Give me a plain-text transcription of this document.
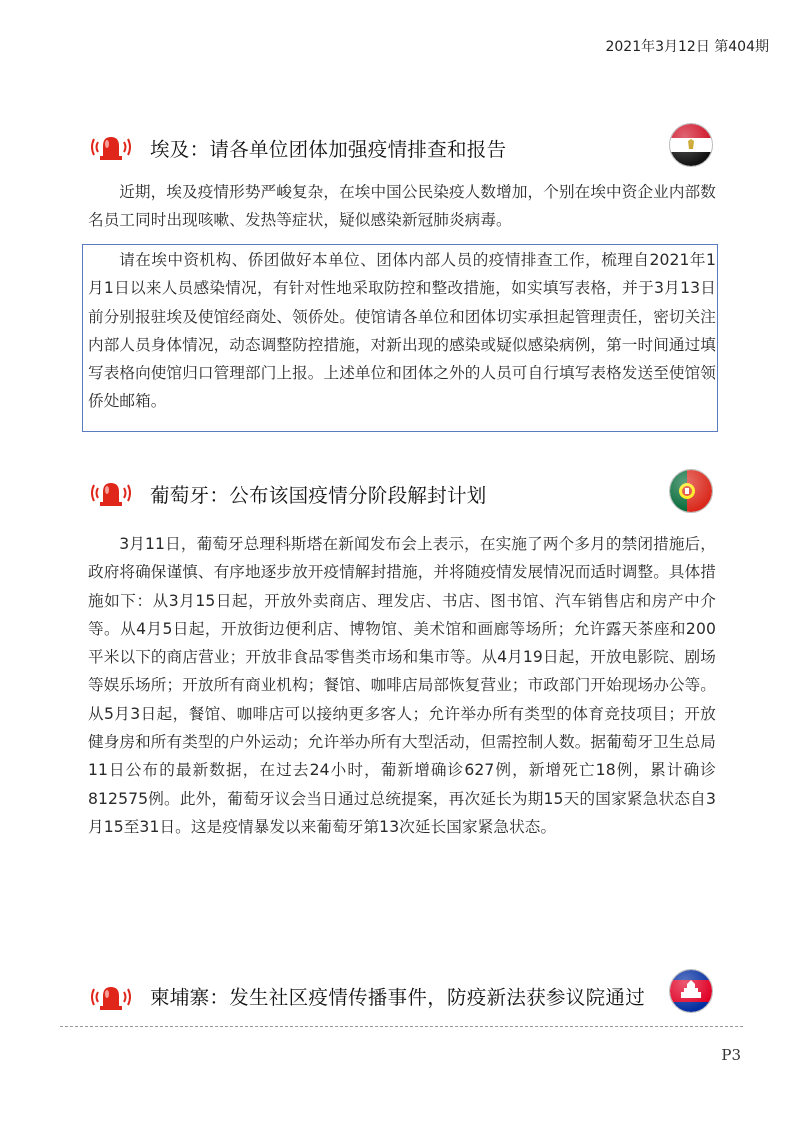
2021年3月12日 第404期
埃及：请各单位团体加强疫情排查和报告

近期，埃及疫情形势严峻复杂，在埃中国公民染疫人数增加，个别在埃中资企业内部数名员工同时出现咳嗽、发热等症状，疑似感染新冠肺炎病毒。

请在埃中资机构、侨团做好本单位、团体内部人员的疫情排查工作，梳理自2021年1月1日以来人员感染情况，有针对性地采取防控和整改措施，如实填写表格，并于3月13日前分别报驻埃及使馆经商处、领侨处。使馆请各单位和团体切实承担起管理责任，密切关注内部人员身体情况，动态调整防控措施，对新出现的感染或疑似感染病例，第一时间通过填写表格向使馆归口管理部门上报。上述单位和团体之外的人员可自行填写表格发送至使馆领侨处邮箱。

葡萄牙：公布该国疫情分阶段解封计划

3月11日，葡萄牙总理科斯塔在新闻发布会上表示，在实施了两个多月的禁闭措施后，政府将确保谨慎、有序地逐步放开疫情解封措施，并将随疫情发展情况而适时调整。具体措施如下：从3月15日起，开放外卖商店、理发店、书店、图书馆、汽车销售店和房产中介等。从4月5日起，开放街边便利店、博物馆、美术馆和画廊等场所；允许露天茶座和200平米以下的商店营业；开放非食品零售类市场和集市等。从4月19日起，开放电影院、剧场等娱乐场所；开放所有商业机构；餐馆、咖啡店局部恢复营业；市政部门开始现场办公等。从5月3日起，餐馆、咖啡店可以接纳更多客人；允许举办所有类型的体育竞技项目；开放健身房和所有类型的户外运动；允许举办所有大型活动，但需控制人数。据葡萄牙卫生总局11日公布的最新数据，在过去24小时，葡新增确诊627例，新增死亡18例，累计确诊812575例。此外，葡萄牙议会当日通过总统提案，再次延长为期15天的国家紧急状态自3月15至31日。这是疫情暴发以来葡萄牙第13次延长国家紧急状态。

柬埔寨：发生社区疫情传播事件，防疫新法获参议院通过
P3
